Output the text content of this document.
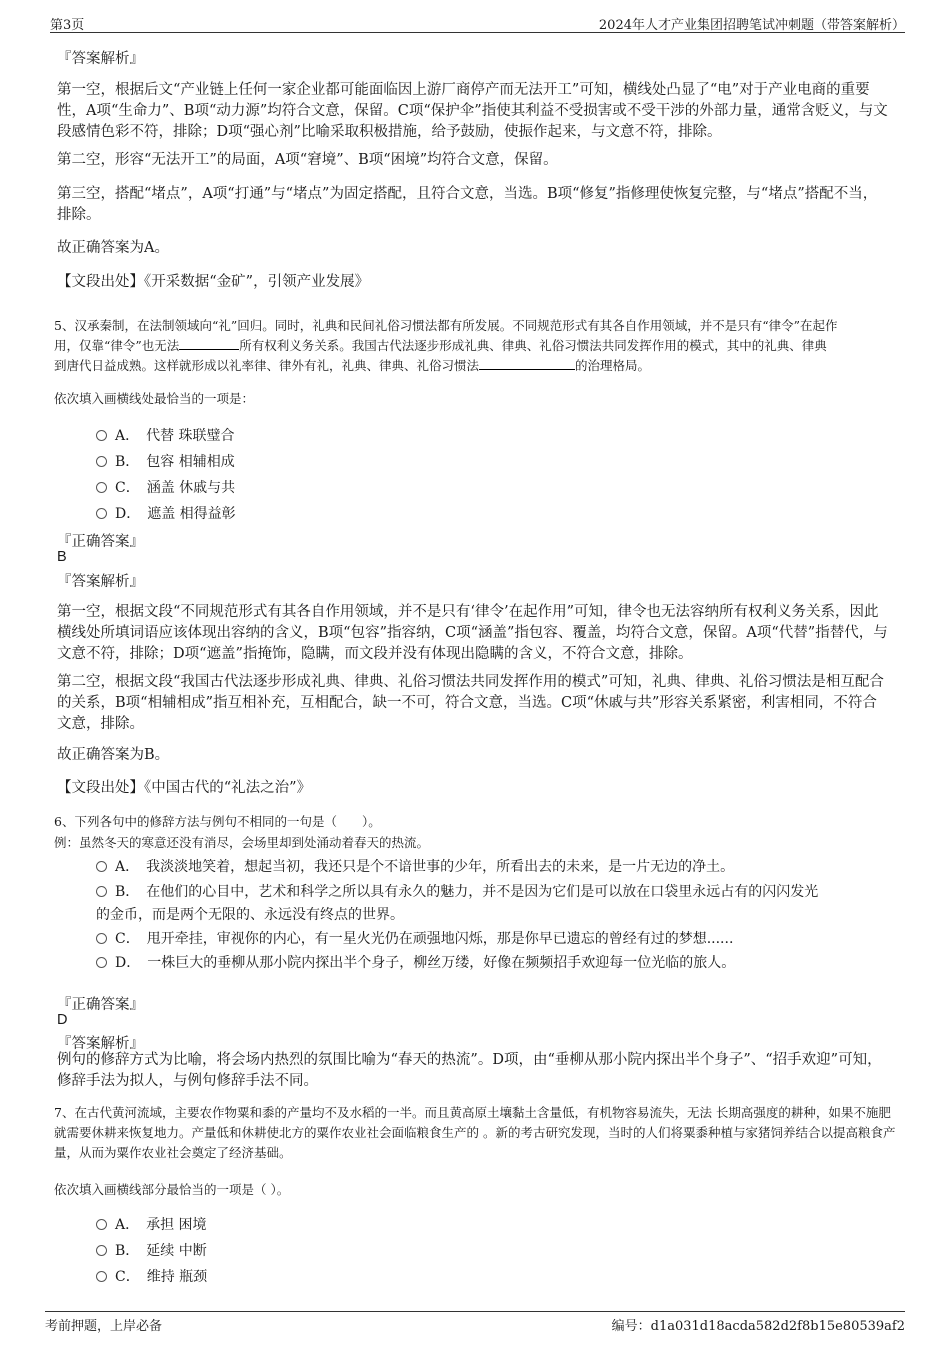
第3页	2024年人才产业集团招聘笔试冲刺题（带答案解析）
『答案解析』
第一空，根据后文“产业链上任何一家企业都可能面临因上游厂商停产而无法开工”可知，横线处凸显了“电”对于产业电商的重要性，A项“生命力”、B项“动力源”均符合文意，保留。C项“保护伞”指使其利益不受损害或不受干涉的外部力量，通常含贬义，与文段感情色彩不符，排除；D项“强心剂”比喻采取积极措施，给予鼓励，使振作起来，与文意不符，排除。
第二空，形容“无法开工”的局面，A项“窘境”、B项“困境”均符合文意，保留。
第三空，搭配“堵点”，A项“打通”与“堵点”为固定搭配，且符合文意，当选。B项“修复”指修理使恢复完整，与“堵点”搭配不当，排除。
故正确答案为A。
【文段出处】《开采数据“金矿”，引领产业发展》
5、汉承秦制，在法制领域向“礼”回归。同时，礼典和民间礼俗习惯法都有所发展。不同规范形式有其各自作用领域，并不是只有“律令”在起作
用，仅靠“律令”也无法	所有权利义务关系。我国古代法逐步形成礼典、律典、礼俗习惯法共同发挥作用的模式，其中的礼典、律典
到唐代日益成熟。这样就形成以礼率律、律外有礼，礼典、律典、礼俗习惯法	的治理格局。
依次填入画横线处最恰当的一项是：
A．　代替 珠联璧合
B．　包容 相辅相成
C．　涵盖 休戚与共
D．　遮盖 相得益彰
『正确答案』
B
『答案解析』
第一空，根据文段“不同规范形式有其各自作用领域，并不是只有‘律令’在起作用”可知，律令也无法容纳所有权利义务关系，因此横线处所填词语应该体现出容纳的含义，B项“包容”指容纳，C项“涵盖”指包容、覆盖，均符合文意，保留。A项“代替”指替代，与文意不符，排除；D项“遮盖”指掩饰，隐瞒，而文段并没有体现出隐瞒的含义，不符合文意，排除。
第二空，根据文段“我国古代法逐步形成礼典、律典、礼俗习惯法共同发挥作用的模式”可知，礼典、律典、礼俗习惯法是相互配合的关系，B项“相辅相成”指互相补充，互相配合，缺一不可，符合文意，当选。C项“休戚与共”形容关系紧密，利害相同，不符合文意，排除。
故正确答案为B。
【文段出处】《中国古代的“礼法之治”》
6、下列各句中的修辞方法与例句不相同的一句是（　　）。
例：虽然冬天的寒意还没有消尽，会场里却到处涌动着春天的热流。
A．　我淡淡地笑着，想起当初，我还只是个不谙世事的少年，所看出去的未来，是一片无边的净土。
B．　在他们的心目中，艺术和科学之所以具有永久的魅力，并不是因为它们是可以放在口袋里永远占有的闪闪发光
的金币，而是两个无限的、永远没有终点的世界。
C．　甩开牵挂，审视你的内心，有一星火光仍在顽强地闪烁，那是你早已遗忘的曾经有过的梦想......
D．　一株巨大的垂柳从那小院内探出半个身子，柳丝万缕，好像在频频招手欢迎每一位光临的旅人。
『正确答案』
D
『答案解析』
例句的修辞方式为比喻，将会场内热烈的氛围比喻为“春天的热流”。D项，由“垂柳从那小院内探出半个身子”、“招手欢迎”可知，修辞手法为拟人，与例句修辞手法不同。
7、在古代黄河流域，主要农作物粟和黍的产量均不及水稻的一半。而且黄高原土壤黏土含量低，有机物容易流失，无法 长期高强度的耕种，如果不施肥就需要休耕来恢复地力。产量低和休耕使北方的粟作农业社会面临粮食生产的 。新的考古研究发现，当时的人们将粟黍种植与家猪饲养结合以提高粮食产量，从而为粟作农业社会奠定了经济基础。
依次填入画横线部分最恰当的一项是（ ）。
A．　承担 困境
B．　延续 中断
C．　维持 瓶颈
考前押题，上岸必备	编号：d1a031d18acda582d2f8b15e80539af2
